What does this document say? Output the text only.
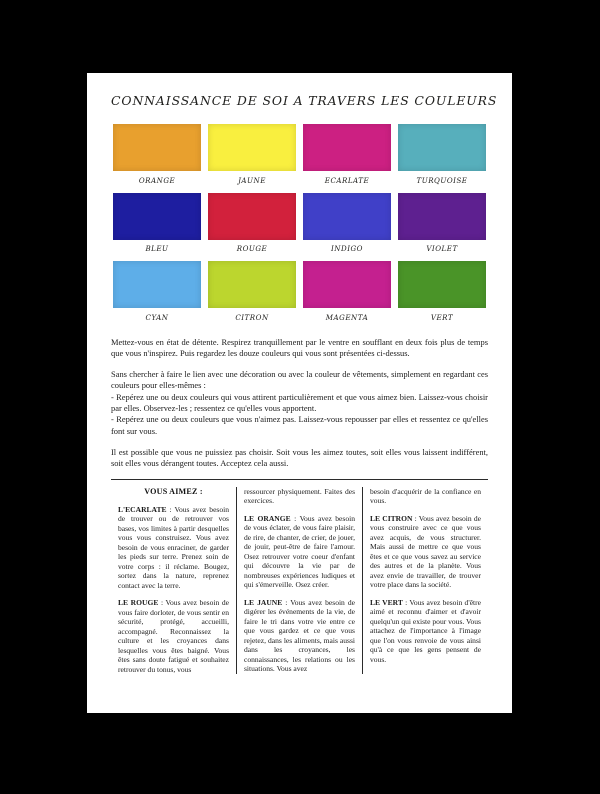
CONNAISSANCE DE SOI A TRAVERS LES COULEURS
ORANGE	JAUNE	ECARLATE	TURQUOISE
BLEU	ROUGE	INDIGO	VIOLET
CYAN	CITRON	MAGENTA	VERT

Mettez-vous en état de détente. Respirez tranquillement par le ventre en soufflant en deux fois plus de temps que vous n'inspirez. Puis regardez les douze couleurs qui vous sont présentées ci-dessus.

Sans chercher à faire le lien avec une décoration ou avec la couleur de vêtements, simplement en regardant ces couleurs pour elles-mêmes :
- Repérez une ou deux couleurs qui vous attirent particulièrement et que vous aimez bien. Laissez-vous choisir par elles. Observez-les ; ressentez ce qu'elles vous apportent.
- Repérez une ou deux couleurs que vous n'aimez pas. Laissez-vous repousser par elles et ressentez ce qu'elles font sur vous.

Il est possible que vous ne puissiez pas choisir. Soit vous les aimez toutes, soit elles vous laissent indifférent, soit elles vous dérangent toutes. Acceptez cela aussi.

VOUS AIMEZ :

L'ECARLATE : Vous avez besoin de trouver ou de retrouver vos bases, vos limites à partir desquelles vous vous construisez. Vous avez besoin de vous enraciner, de garder les pieds sur terre. Prenez soin de votre corps : il réclame. Bougez, sortez dans la nature, reprenez contact avec la terre.

LE ROUGE : Vous avez besoin de vous faire dorloter, de vous sentir en sécurité, protégé, accueilli, accompagné. Reconnaissez la culture et les croyances dans lesquelles vous êtes baigné. Vous êtes sans doute fatigué et souhaitez retrouver du tonus, vous

ressourcer physiquement. Faites des exercices.

LE ORANGE : Vous avez besoin de vous éclater, de vous faire plaisir, de rire, de chanter, de crier, de jouer, de jouir, peut-être de faire l'amour. Osez retrouver votre coeur d'enfant qui découvre la vie par de nombreuses expériences ludiques et qui s'émerveille. Osez créer.

LE JAUNE : Vous avez besoin de digérer les événements de la vie, de faire le tri dans votre vie entre ce que vous gardez et ce que vous rejetez, dans les aliments, mais aussi dans les croyances, les connaissances, les relations ou les situations. Vous avez

besoin d'acquérir de la confiance en vous.

LE CITRON : Vous avez besoin de vous construire avec ce que vous avez acquis, de vous structurer. Mais aussi de mettre ce que vous êtes et ce que vous savez au service des autres et de la planète. Vous avez envie de travailler, de trouver votre place dans la société.

LE VERT : Vous avez besoin d'être aimé et reconnu d'aimer et d'avoir quelqu'un qui existe pour vous. Vous attachez de l'importance à l'image que l'on vous renvoie de vous ainsi qu'à ce que les gens pensent de vous.
